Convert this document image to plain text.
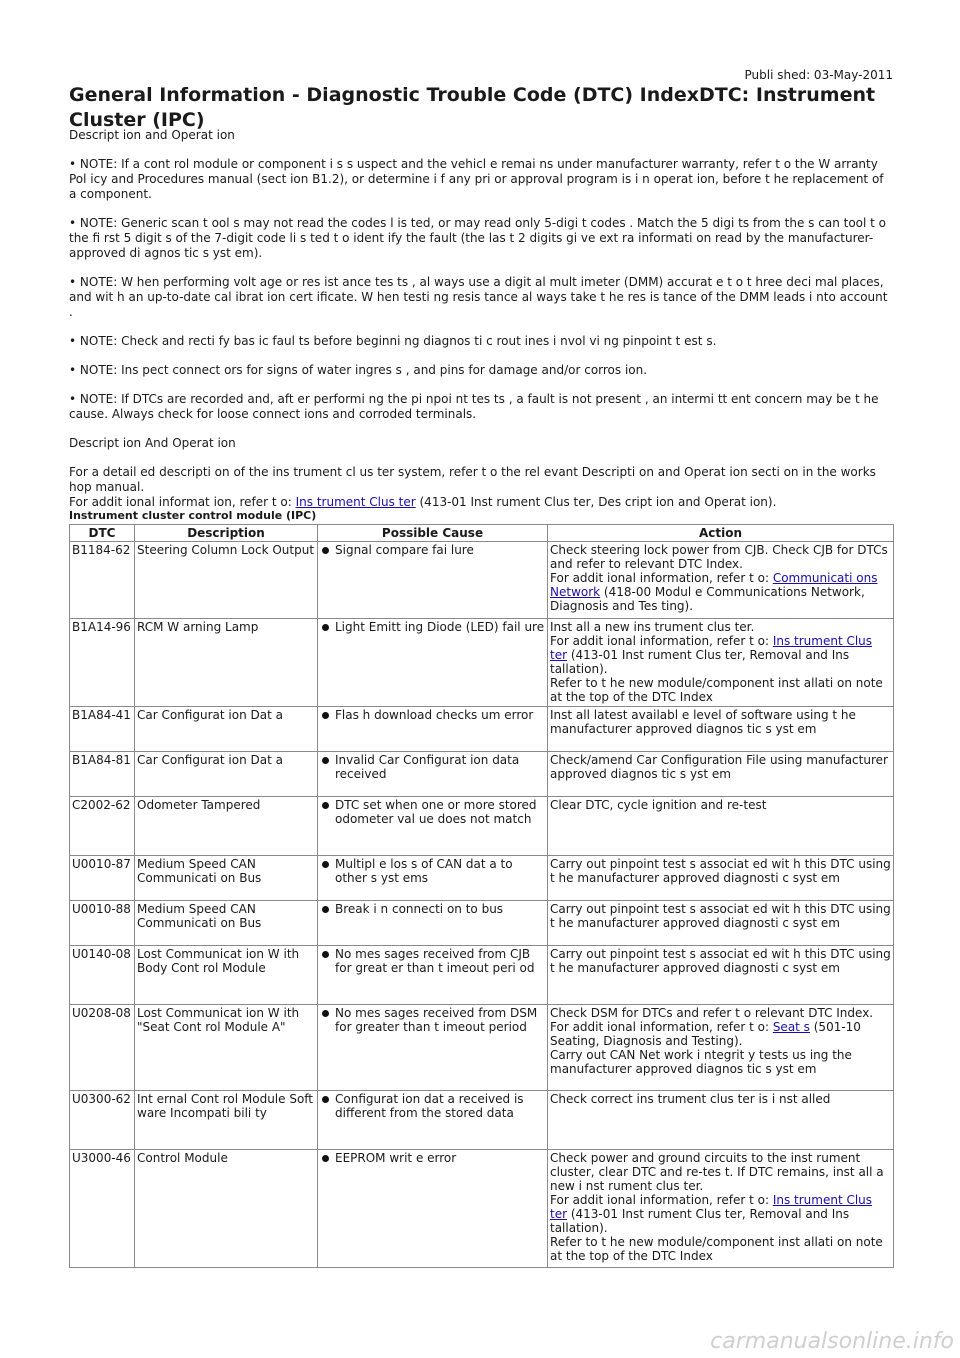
Publi shed: 03-May-2011
General Information - Diagnostic Trouble Code (DTC) IndexDTC: Instrument Cluster (IPC)

Descript ion and Operat ion

• NOTE: If a cont rol module or component i s s uspect and the vehicl e remai ns under manufacturer warranty, refer t o the W arranty Pol icy and Procedures manual (sect ion B1.2), or determine i f any pri or approval program is i n operat ion, before t he replacement of a component.

• NOTE: Generic scan t ool s may not read the codes l is ted, or may read only 5-digi t codes . Match the 5 digi ts from the s can tool t o the fi rst 5 digit s of the 7-digit code li s ted t o ident ify the fault (the las t 2 digits gi ve ext ra informati on read by the manufacturer-approved di agnos tic s yst em).

• NOTE: W hen performing volt age or res ist ance tes ts , al ways use a digit al mult imeter (DMM) accurat e t o t hree deci mal places, and wit h an up-to-date cal ibrat ion cert ificate. W hen testi ng resis tance al ways take t he res is tance of the DMM leads i nto account .

• NOTE: Check and recti fy bas ic faul ts before beginni ng diagnos ti c rout ines i nvol vi ng pinpoint t est s.

• NOTE: Ins pect connect ors for signs of water ingres s , and pins for damage and/or corros ion.

• NOTE: If DTCs are recorded and, aft er performi ng the pi npoi nt tes ts , a fault is not present , an intermi tt ent concern may be t he cause. Always check for loose connect ions and corroded terminals.

Descript ion And Operat ion

For a detail ed descripti on of the ins trument cl us ter system, refer t o the rel evant Descripti on and Operat ion secti on in the works hop manual.

For addit ional informat ion, refer t o: Ins trument Clus ter (413-01 Inst rument Clus ter, Des cript ion and Operat ion).

Instrument cluster control module (IPC)
DTC	Description	Possible Cause	Action
B1184-62	Steering Column Lock Output	Signal compare fai lure	Check steering lock power from CJB. Check CJB for DTCs and refer to relevant DTC Index.
For addit ional information, refer t o: Communicati ons Network (418-00 Modul e Communications Network, Diagnosis and Tes ting).
B1A14-96	RCM W arning Lamp	Light Emitt ing Diode (LED) fail ure	Inst all a new ins trument clus ter.
For addit ional information, refer t o: Ins trument Clus ter (413-01 Inst rument Clus ter, Removal and Ins tallation).
Refer to t he new module/component inst allati on note at the top of the DTC Index
B1A84-41	Car Configurat ion Dat a	Flas h download checks um error	Inst all latest availabl e level of software using t he manufacturer approved diagnos tic s yst em
B1A84-81	Car Configurat ion Dat a	Invalid Car Configurat ion data received	Check/amend Car Configuration File using manufacturer approved diagnos tic s yst em
C2002-62	Odometer Tampered	DTC set when one or more stored odometer val ue does not match	Clear DTC, cycle ignition and re-test
U0010-87	Medium Speed CAN Communicati on Bus	Multipl e los s of CAN dat a to other s yst ems	Carry out pinpoint test s associat ed wit h this DTC using t he manufacturer approved diagnosti c syst em
U0010-88	Medium Speed CAN Communicati on Bus	Break i n connecti on to bus	Carry out pinpoint test s associat ed wit h this DTC using t he manufacturer approved diagnosti c syst em
U0140-08	Lost Communicat ion W ith Body Cont rol Module	No mes sages received from CJB for great er than t imeout peri od	Carry out pinpoint test s associat ed wit h this DTC using t he manufacturer approved diagnosti c syst em
U0208-08	Lost Communicat ion W ith "Seat Cont rol Module A"	No mes sages received from DSM for greater than t imeout period	Check DSM for DTCs and refer t o relevant DTC Index.
For addit ional information, refer t o: Seat s (501-10 Seating, Diagnosis and Testing).
Carry out CAN Net work i ntegrit y tests us ing the manufacturer approved diagnos tic s yst em
U0300-62	Int ernal Cont rol Module Soft ware Incompati bili ty	Configurat ion dat a received is different from the stored data	Check correct ins trument clus ter is i nst alled
U3000-46	Control Module	EEPROM writ e error	Check power and ground circuits to the inst rument cluster, clear DTC and re-tes t. If DTC remains, inst all a new i nst rument clus ter.
For addit ional information, refer t o: Ins trument Clus ter (413-01 Inst rument Clus ter, Removal and Ins tallation).
Refer to t he new module/component inst allati on note at the top of the DTC Index
carmanualsonline.info
